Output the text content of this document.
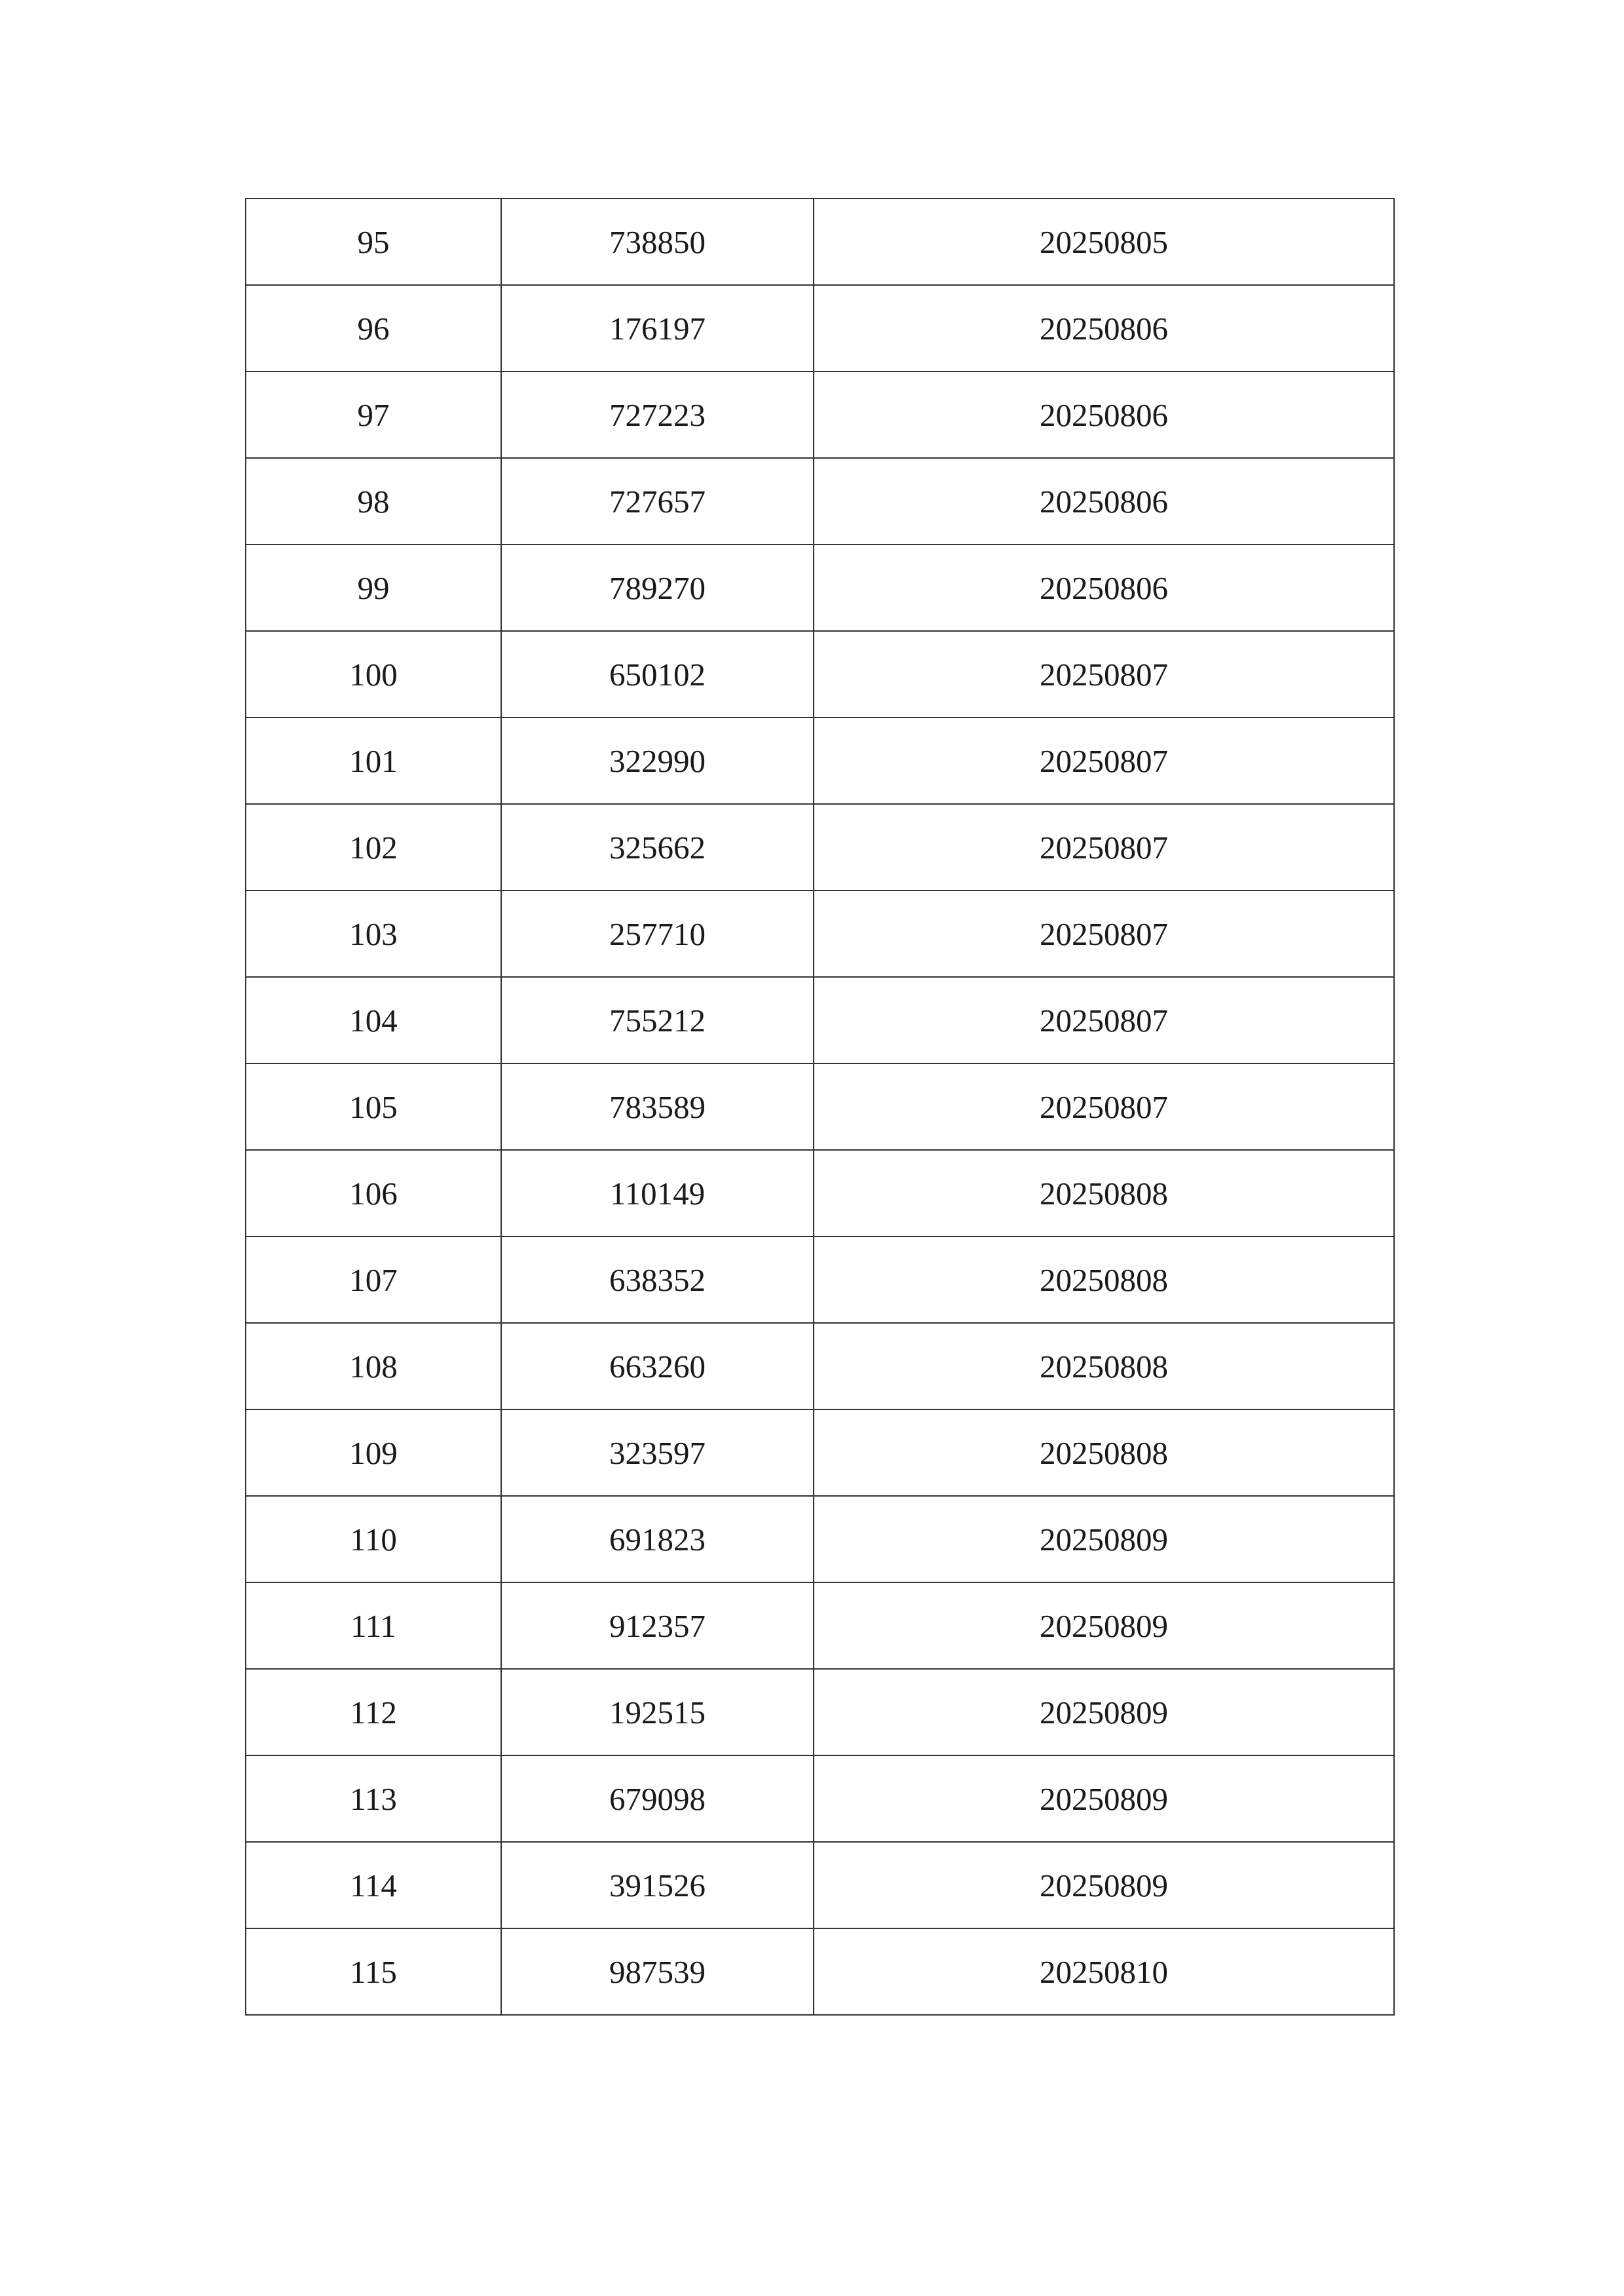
95	738850	20250805
96	176197	20250806
97	727223	20250806
98	727657	20250806
99	789270	20250806
100	650102	20250807
101	322990	20250807
102	325662	20250807
103	257710	20250807
104	755212	20250807
105	783589	20250807
106	110149	20250808
107	638352	20250808
108	663260	20250808
109	323597	20250808
110	691823	20250809
111	912357	20250809
112	192515	20250809
113	679098	20250809
114	391526	20250809
115	987539	20250810
